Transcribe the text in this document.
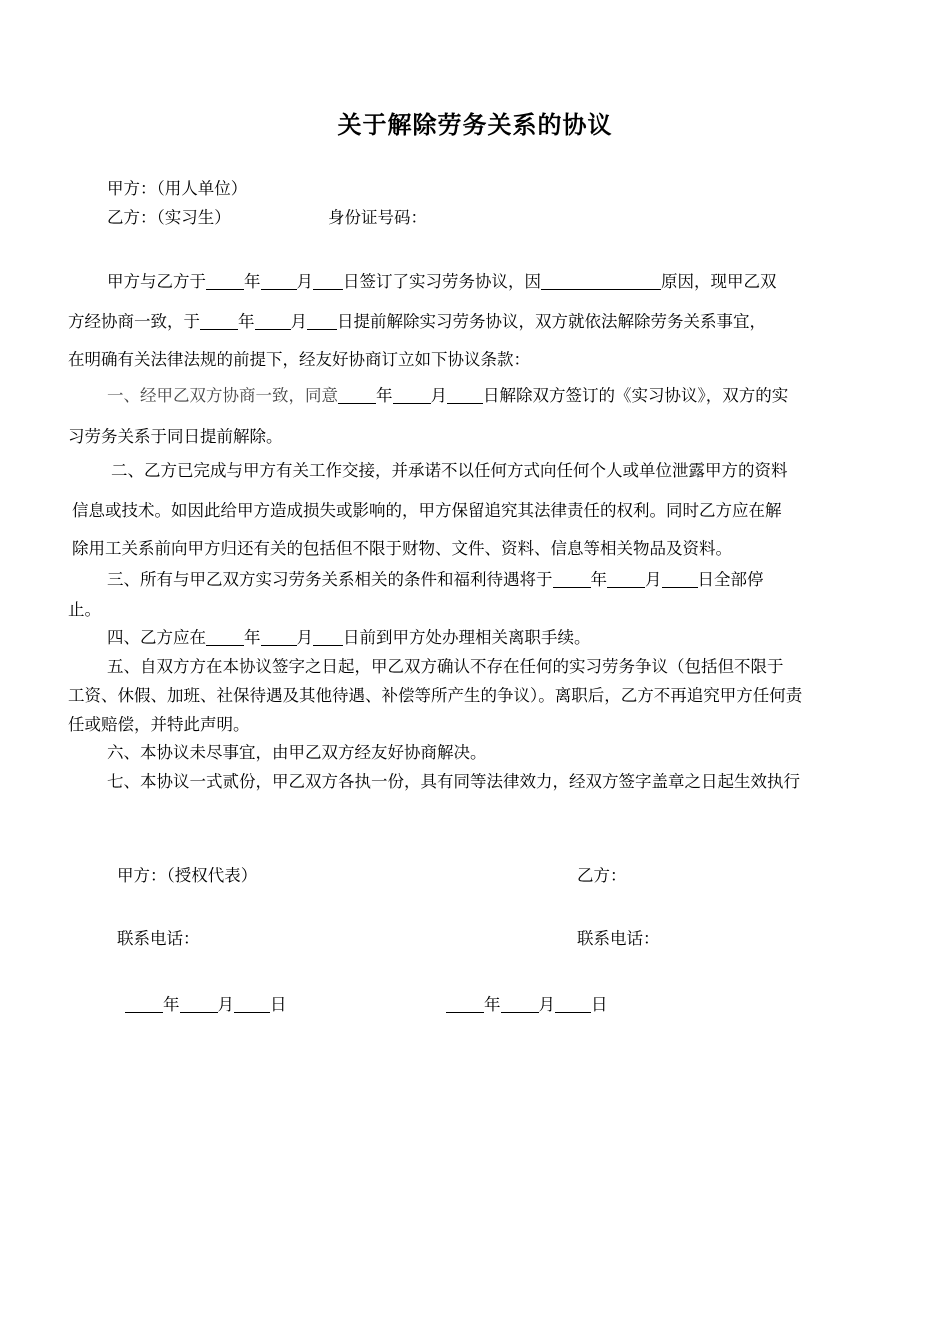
关于解除劳务关系的协议
甲方：（用人单位）
乙方：（实习生）	身份证号码：
甲方与乙方于 年 月 日签订了实习劳务协议，因	原因，现甲乙双
方经协商一致，于 年 月 日提前解除实习劳务协议，双方就依法解除劳务关系事宜，
在明确有关法律法规的前提下，经友好协商订立如下协议条款：
一、经甲乙双方协商一致，同意 年 月 日解除双方签订的《实习协议》，双方的实
习劳务关系于同日提前解除。
二、乙方已完成与甲方有关工作交接，并承诺不以任何方式向任何个人或单位泄露甲方的资料
信息或技术。如因此给甲方造成损失或影响的，甲方保留追究其法律责任的权利。同时乙方应在解
除用工关系前向甲方归还有关的包括但不限于财物、文件、资料、信息等相关物品及资料。
三、所有与甲乙双方实习劳务关系相关的条件和福利待遇将于 年 月 日全部停
止。
四、乙方应在 年 月 日前到甲方处办理相关离职手续。
五、自双方方在本协议签字之日起，甲乙双方确认不存在任何的实习劳务争议（包括但不限于
工资、休假、加班、社保待遇及其他待遇、补偿等所产生的争议）。离职后，乙方不再追究甲方任何责
任或赔偿，并特此声明。
六、本协议未尽事宜，由甲乙双方经友好协商解决。
七、本协议一式贰份，甲乙双方各执一份，具有同等法律效力，经双方签字盖章之日起生效执行
甲方：（授权代表）	乙方：
联系电话：	联系电话：
年 月 日	年 月 日
